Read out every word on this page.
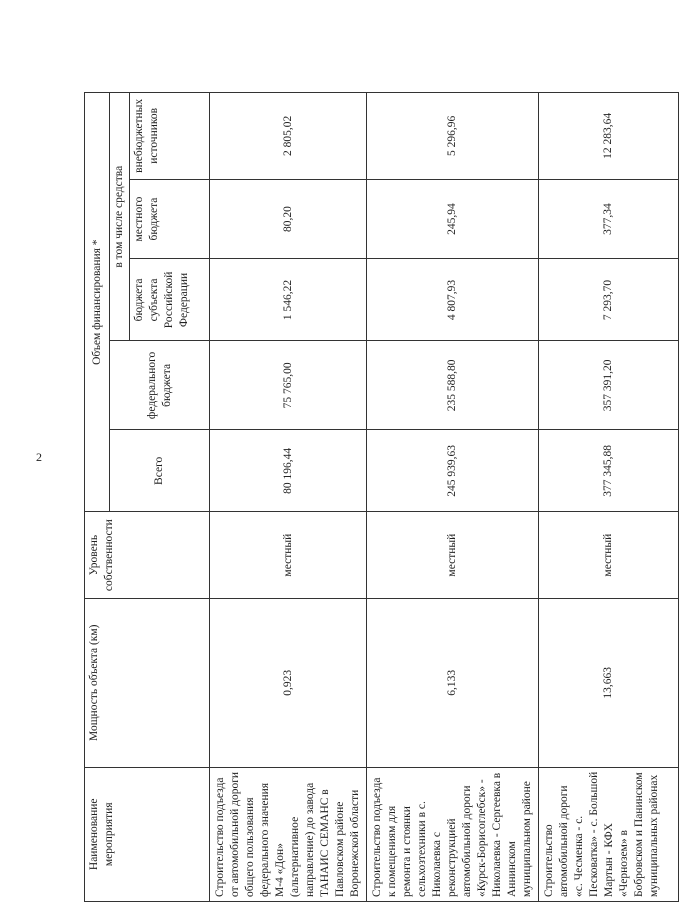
2
Наименование мероприятия	Мощность объекта (км)	Уровень собственности	Объем финансирования *				
			Всего	федерального бюджета	в том числе средства		
					бюджета субъекта Российской Федерации	местного бюджета	внебюджетных источников
Строительство подъезда от автомобильной дороги общего пользования федерального значения М-4 «Дон» (альтернативное направление) до завода ТАНАИС СЕМАНС в Павловском районе Воронежской области	0,923	местный	80 196,44	75 765,00	1 546,22	80,20	2 805,02
Строительство подъезда к помещениям для ремонта и стоянки сельхозтехники в с. Николаевка с реконструкцией автомобильной дороги «Курск-Борисоглебск» - Николаевка - Сергеевка в Аннинском муниципальном районе	6,133	местный	245 939,63	235 588,80	4 807,93	245,94	5 296,96
Строительство автомобильной дороги «с. Чесменка - с. Песковатка» - с. Большой Мартын - КФХ «Чернозем» в Бобровском и Панинском муниципальных районах	13,663	местный	377 345,88	357 391,20	7 293,70	377,34	12 283,64
